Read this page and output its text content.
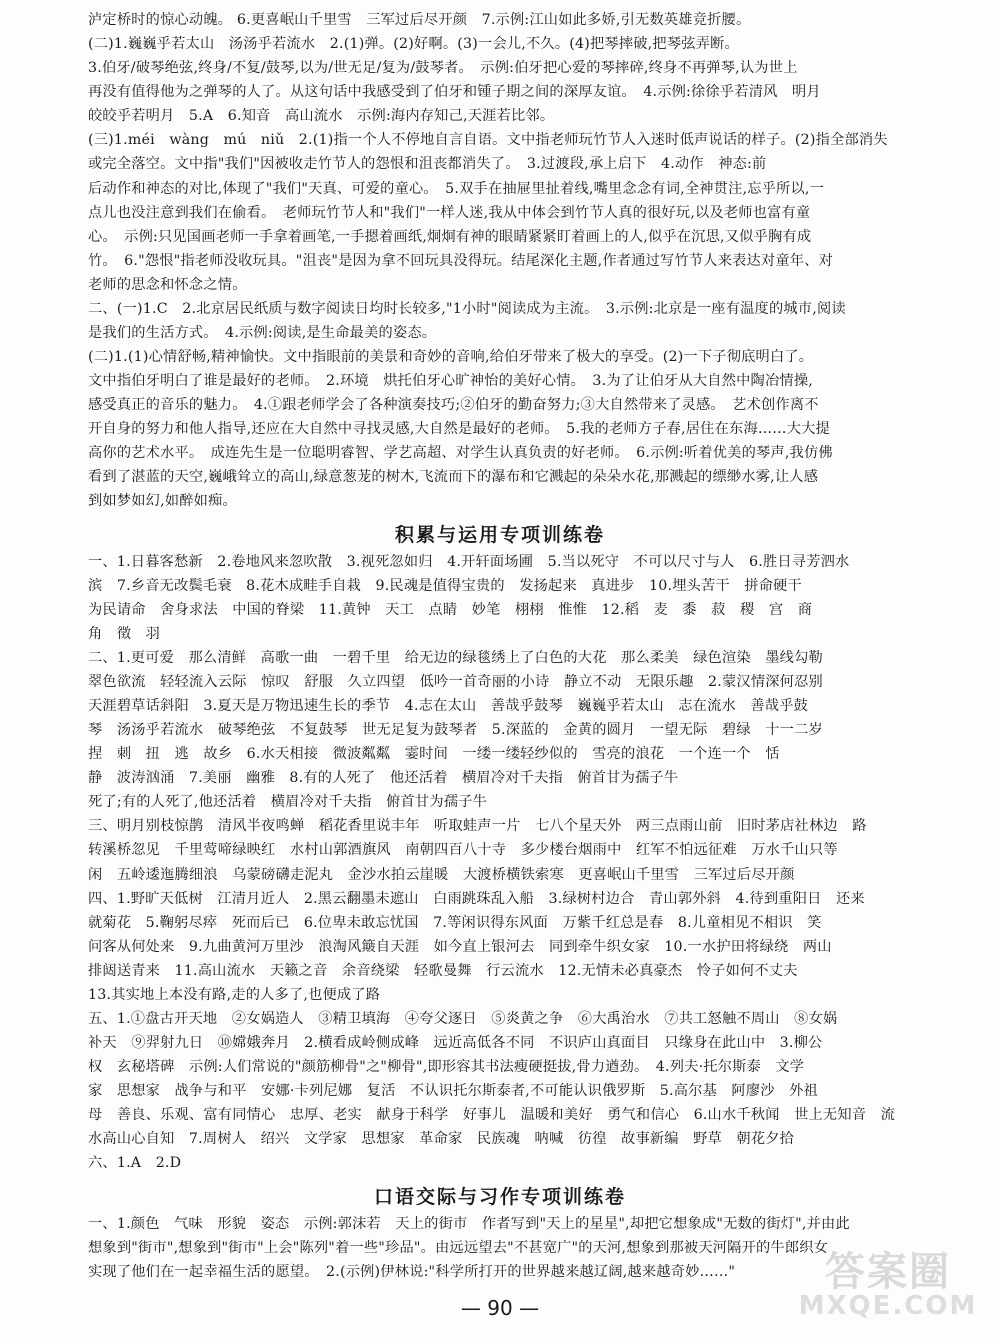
泸定桥时的惊心动魄。 6.更喜岷山千里雪　三军过后尽开颜　7.示例:江山如此多娇,引无数英雄竞折腰。
(二)1.巍巍乎若太山　汤汤乎若流水　2.(1)弹。(2)好啊。(3)一会儿,不久。(4)把琴摔破,把琴弦弄断。
3.伯牙/破琴绝弦,终身/不复/鼓琴,以为/世无足/复为/鼓琴者。　示例:伯牙把心爱的琴摔碎,终身不再弹琴,认为世上
再没有值得他为之弹琴的人了。从这句话中我感受到了伯牙和锺子期之间的深厚友谊。　4.示例:徐徐乎若清风　明月
皎皎乎若明月　5.A　6.知音　高山流水　示例:海内存知己,天涯若比邻。
(三)1.méi　wàng　mú　niǔ　2.(1)指一个人不停地自言自语。文中指老师玩竹节人入迷时低声说话的样子。(2)指全部消失
或完全落空。文中指"我们"因被收走竹节人的怨恨和沮丧都消失了。　3.过渡段,承上启下　4.动作　神态:前
后动作和神态的对比,体现了"我们"天真、可爱的童心。　5.双手在抽屉里扯着线,嘴里念念有词,全神贯注,忘乎所以,一
点儿也没注意到我们在偷看。　老师玩竹节人和"我们"一样人迷,我从中体会到竹节人真的很好玩,以及老师也富有童
心。　示例:只见国画老师一手拿着画笔,一手摁着画纸,炯炯有神的眼睛紧紧盯着画上的人,似乎在沉思,又似乎胸有成
竹。　6."怨恨"指老师没收玩具。"沮丧"是因为拿不回玩具没得玩。结尾深化主题,作者通过写竹节人来表达对童年、对
老师的思念和怀念之情。
二、(一)1.C　2.北京居民纸质与数字阅读日均时长较多,"1小时"阅读成为主流。　3.示例:北京是一座有温度的城市,阅读
是我们的生活方式。　4.示例:阅读,是生命最美的姿态。
(二)1.(1)心情舒畅,精神愉快。文中指眼前的美景和奇妙的音响,给伯牙带来了极大的享受。(2)一下子彻底明白了。
文中指伯牙明白了谁是最好的老师。　2.环境　烘托伯牙心旷神怡的美好心情。　3.为了让伯牙从大自然中陶冶情操,
感受真正的音乐的魅力。　4.①跟老师学会了各种演奏技巧;②伯牙的勤奋努力;③大自然带来了灵感。　艺术创作离不
开自身的努力和他人指导,还应在大自然中寻找灵感,大自然是最好的老师。　5.我的老师方子春,居住在东海……大大提
高你的艺术水平。　成连先生是一位聪明睿智、学艺高超、对学生认真负责的好老师。　6.示例:听着优美的琴声,我仿佛
看到了湛蓝的天空,巍峨耸立的高山,绿意葱茏的树木,飞流而下的瀑布和它溅起的朵朵水花,那溅起的缥缈水雾,让人感
到如梦如幻,如醉如痴。
积累与运用专项训练卷
一、1.日暮客愁新　2.卷地风来忽吹散　3.视死忽如归　4.开轩面场圃　5.当以死守　不可以尺寸与人　6.胜日寻芳泗水
滨　7.乡音无改鬓毛衰　8.花木成畦手自栽　9.民魂是值得宝贵的　发扬起来　真进步　10.埋头苦干　拼命硬干
为民请命　舍身求法　中国的脊梁　11.黄钟　天工　点睛　妙笔　栩栩　惟惟　12.稻　麦　黍　菽　稷　宫　商
角　徵　羽
二、1.更可爱　那么清鲜　高歌一曲　一碧千里　给无边的绿毯绣上了白色的大花　那么柔美　绿色渲染　墨线勾勒
翠色欲流　轻轻流入云际　惊叹　舒服　久立四望　低吟一首奇丽的小诗　静立不动　无限乐趣　2.蒙汉情深何忍别
天涯碧草话斜阳　3.夏天是万物迅速生长的季节　4.志在太山　善哉乎鼓琴　巍巍乎若太山　志在流水　善哉乎鼓
琴　汤汤乎若流水　破琴绝弦　不复鼓琴　世无足复为鼓琴者　5.深蓝的　金黄的圆月　一望无际　碧绿　十一二岁
捏　刺　扭　逃　故乡　6.水天相接　微波粼粼　霎时间　一缕一缕轻纱似的　雪亮的浪花　一个连一个　恬
静　波涛汹涌　7.美丽　幽雅　8.有的人死了　他还活着　横眉冷对千夫指　俯首甘为孺子牛
死了;有的人死了,他还活着　横眉冷对千夫指　俯首甘为孺子牛
三、明月别枝惊鹊　清风半夜鸣蝉　稻花香里说丰年　听取蛙声一片　七八个星天外　两三点雨山前　旧时茅店社林边　路
转溪桥忽见　千里莺啼绿映红　水村山郭酒旗风　南朝四百八十寺　多少楼台烟雨中　红军不怕远征难　万水千山只等
闲　五岭逶迤腾细浪　乌蒙磅礴走泥丸　金沙水拍云崖暖　大渡桥横铁索寒　更喜岷山千里雪　三军过后尽开颜
四、1.野旷天低树　江清月近人　2.黑云翻墨未遮山　白雨跳珠乱入船　3.绿树村边合　青山郭外斜　4.待到重阳日　还来
就菊花　5.鞠躬尽瘁　死而后已　6.位卑未敢忘忧国　7.等闲识得东风面　万紫千红总是春　8.儿童相见不相识　笑
问客从何处来　9.九曲黄河万里沙　浪淘风簸自天涯　如今直上银河去　同到牵牛织女家　10.一水护田将绿绕　两山
排闼送青来　11.高山流水　天籁之音　余音绕梁　轻歌曼舞　行云流水　12.无情未必真豪杰　怜子如何不丈夫
13.其实地上本没有路,走的人多了,也便成了路
五、1.①盘古开天地　②女娲造人　③精卫填海　④夸父逐日　⑤炎黄之争　⑥大禹治水　⑦共工怒触不周山　⑧女娲
补天　⑨羿射九日　⑩嫦娥奔月　2.横看成岭侧成峰　远近高低各不同　不识庐山真面目　只缘身在此山中　3.柳公
权　玄秘塔碑　示例:人们常说的"颜筋柳骨"之"柳骨",即形容其书法瘦硬挺拔,骨力遒劲。　4.列夫·托尔斯泰　文学
家　思想家　战争与和平　安娜·卡列尼娜　复活　不认识托尔斯泰者,不可能认识俄罗斯　5.高尔基　阿廖沙　外祖
母　善良、乐观、富有同情心　忠厚、老实　献身于科学　好事儿　温暖和美好　勇气和信心　6.山水千秋闻　世上无知音　流
水高山心自知　7.周树人　绍兴　文学家　思想家　革命家　民族魂　呐喊　彷徨　故事新编　野草　朝花夕拾
六、1.A　2.D
口语交际与习作专项训练卷
一、1.颜色　气味　形貌　姿态　示例:郭沫若　天上的街市　作者写到"天上的星星",却把它想象成"无数的街灯",并由此
想象到"街市",想象到"街市"上会"陈列"着一些"珍品"。由远远望去"不甚宽广"的天河,想象到那被天河隔开的牛郎织女
实现了他们在一起幸福生活的愿望。　2.(示例)伊林说:"科学所打开的世界越来越辽阔,越来越奇妙……"
— 90 —
答案圈
MXQE.COM
